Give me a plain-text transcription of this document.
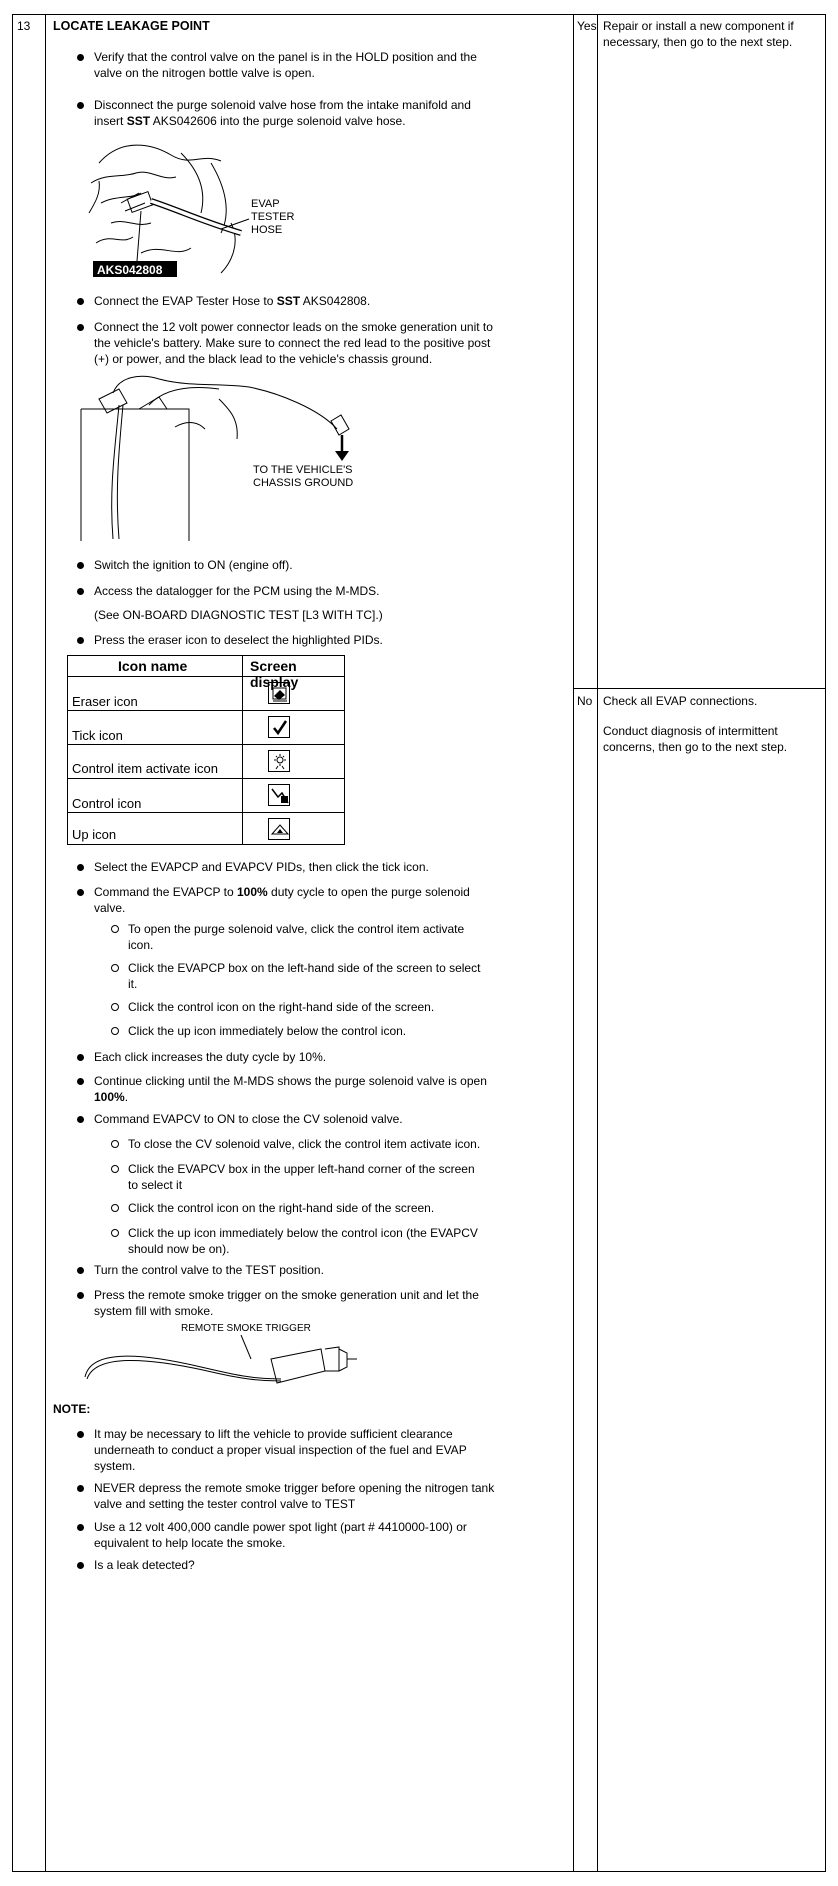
13 LOCATE LEAKAGE POINT	Yes Repair or install a new component if
necessary, then go to the next step.
No Check all EVAP connections.
Conduct diagnosis of intermittent
concerns, then go to the next step.
Verify that the control valve on the panel is in the HOLD position and the
valve on the nitrogen bottle valve is open.
Disconnect the purge solenoid valve hose from the intake manifold and
insert SST AKS042606 into the purge solenoid valve hose.
AKS042808
EVAP
TESTER
HOSE
Connect the EVAP Tester Hose to SST AKS042808.
Connect the 12 volt power connector leads on the smoke generation unit to
the vehicle's battery. Make sure to connect the red lead to the positive post
(+) or power, and the black lead to the vehicle's chassis ground.
TO THE VEHICLE'S
CHASSIS GROUND
Switch the ignition to ON (engine off).
Access the datalogger for the PCM using the M-MDS.
(See ON-BOARD DIAGNOSTIC TEST [L3 WITH TC].)
Press the eraser icon to deselect the highlighted PIDs.
Icon name	Screen display
Eraser icon
Tick icon
Control item activate icon
Control icon
Up icon
Select the EVAPCP and EVAPCV PIDs, then click the tick icon.
Command the EVAPCP to 100% duty cycle to open the purge solenoid
valve.
To open the purge solenoid valve, click the control item activate
icon.
Click the EVAPCP box on the left-hand side of the screen to select
it.
Click the control icon on the right-hand side of the screen.
Click the up icon immediately below the control icon.
Each click increases the duty cycle by 10%.
Continue clicking until the M-MDS shows the purge solenoid valve is open
100%.
Command EVAPCV to ON to close the CV solenoid valve.
To close the CV solenoid valve, click the control item activate icon.
Click the EVAPCV box in the upper left-hand corner of the screen
to select it
Click the control icon on the right-hand side of the screen.
Click the up icon immediately below the control icon (the EVAPCV
should now be on).
Turn the control valve to the TEST position.
Press the remote smoke trigger on the smoke generation unit and let the
system fill with smoke.
REMOTE SMOKE TRIGGER
NOTE:
It may be necessary to lift the vehicle to provide sufficient clearance
underneath to conduct a proper visual inspection of the fuel and EVAP
system.
NEVER depress the remote smoke trigger before opening the nitrogen tank
valve and setting the tester control valve to TEST
Use a 12 volt 400,000 candle power spot light (part # 4410000-100) or
equivalent to help locate the smoke.
Is a leak detected?
